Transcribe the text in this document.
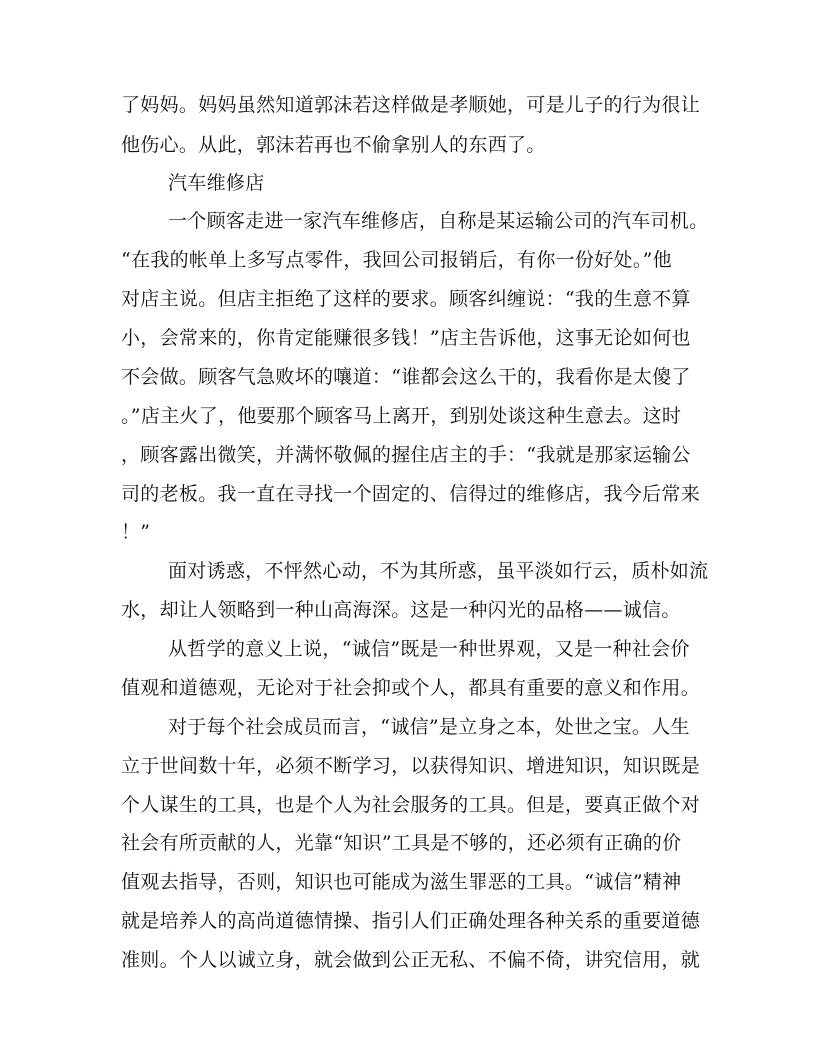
了妈妈。妈妈虽然知道郭沫若这样做是孝顺她，可是儿子的行为很让
他伤心。从此，郭沫若再也不偷拿别人的东西了。
汽车维修店
一个顾客走进一家汽车维修店，自称是某运输公司的汽车司机。
“在我的帐单上多写点零件，我回公司报销后，有你一份好处。”他
对店主说。但店主拒绝了这样的要求。顾客纠缠说：“我的生意不算
小，会常来的，你肯定能赚很多钱！”店主告诉他，这事无论如何也
不会做。顾客气急败坏的嚷道：“谁都会这么干的，我看你是太傻了
。”店主火了，他要那个顾客马上离开，到别处谈这种生意去。这时
，顾客露出微笑，并满怀敬佩的握住店主的手：“我就是那家运输公
司的老板。我一直在寻找一个固定的、信得过的维修店，我今后常来
！”
面对诱惑，不怦然心动，不为其所惑，虽平淡如行云，质朴如流
水，却让人领略到一种山高海深。这是一种闪光的品格——诚信。
从哲学的意义上说，“诚信”既是一种世界观，又是一种社会价
值观和道德观，无论对于社会抑或个人，都具有重要的意义和作用。
对于每个社会成员而言，“诚信”是立身之本，处世之宝。人生
立于世间数十年，必须不断学习，以获得知识、增进知识，知识既是
个人谋生的工具，也是个人为社会服务的工具。但是，要真正做个对
社会有所贡献的人，光靠“知识”工具是不够的，还必须有正确的价
值观去指导，否则，知识也可能成为滋生罪恶的工具。“诚信”精神
就是培养人的高尚道德情操、指引人们正确处理各种关系的重要道德
准则。个人以诚立身，就会做到公正无私、不偏不倚，讲究信用，就
